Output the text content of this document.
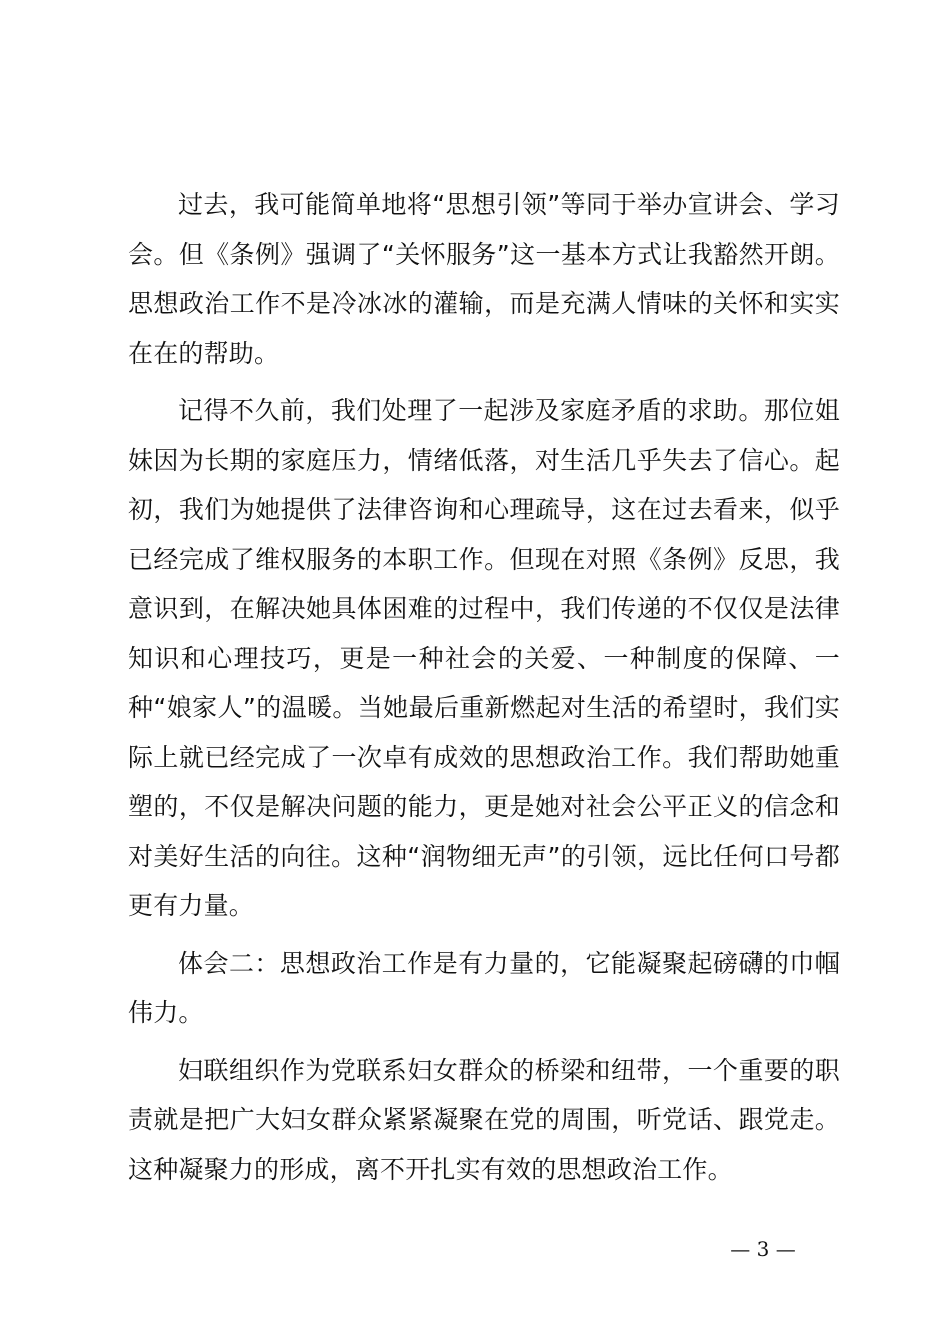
过去，我可能简单地将“思想引领”等同于举办宣讲会、学习会。但《条例》强调了“关怀服务”这一基本方式让我豁然开朗。思想政治工作不是冷冰冰的灌输，而是充满人情味的关怀和实实在在的帮助。

记得不久前，我们处理了一起涉及家庭矛盾的求助。那位姐妹因为长期的家庭压力，情绪低落，对生活几乎失去了信心。起初，我们为她提供了法律咨询和心理疏导，这在过去看来，似乎已经完成了维权服务的本职工作。但现在对照《条例》反思，我意识到，在解决她具体困难的过程中，我们传递的不仅仅是法律知识和心理技巧，更是一种社会的关爱、一种制度的保障、一种“娘家人”的温暖。当她最后重新燃起对生活的希望时，我们实际上就已经完成了一次卓有成效的思想政治工作。我们帮助她重塑的，不仅是解决问题的能力，更是她对社会公平正义的信念和对美好生活的向往。这种“润物细无声”的引领，远比任何口号都更有力量。

体会二：思想政治工作是有力量的，它能凝聚起磅礴的巾帼伟力。

妇联组织作为党联系妇女群众的桥梁和纽带，一个重要的职责就是把广大妇女群众紧紧凝聚在党的周围，听党话、跟党走。这种凝聚力的形成，离不开扎实有效的思想政治工作。

— 3 —
